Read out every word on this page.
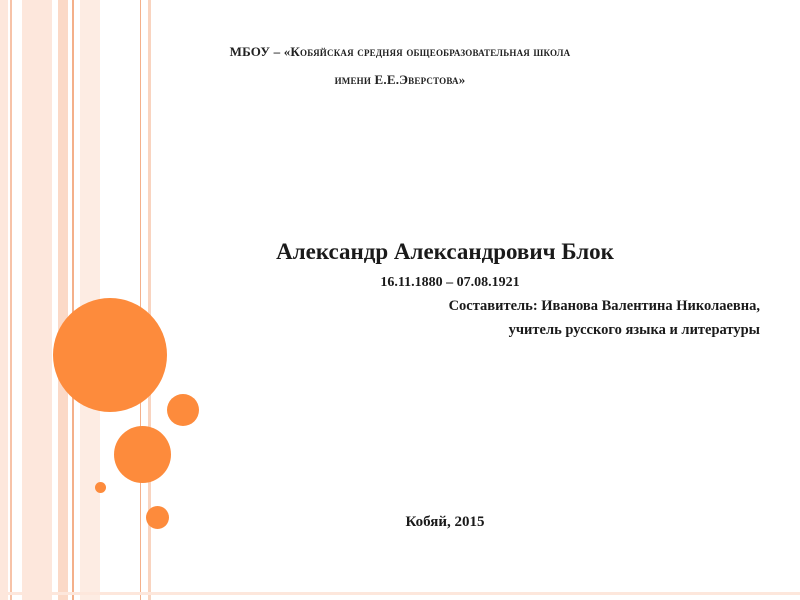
МБОУ – «Кобяйская средняя общеобразовательная школа

имени Е.Е.Эверстова»

Александр Александрович Блок

16.11.1880 – 07.08.1921

Составитель: Иванова Валентина Николаевна,

учитель русского языка и литературы

Кобяй, 2015
